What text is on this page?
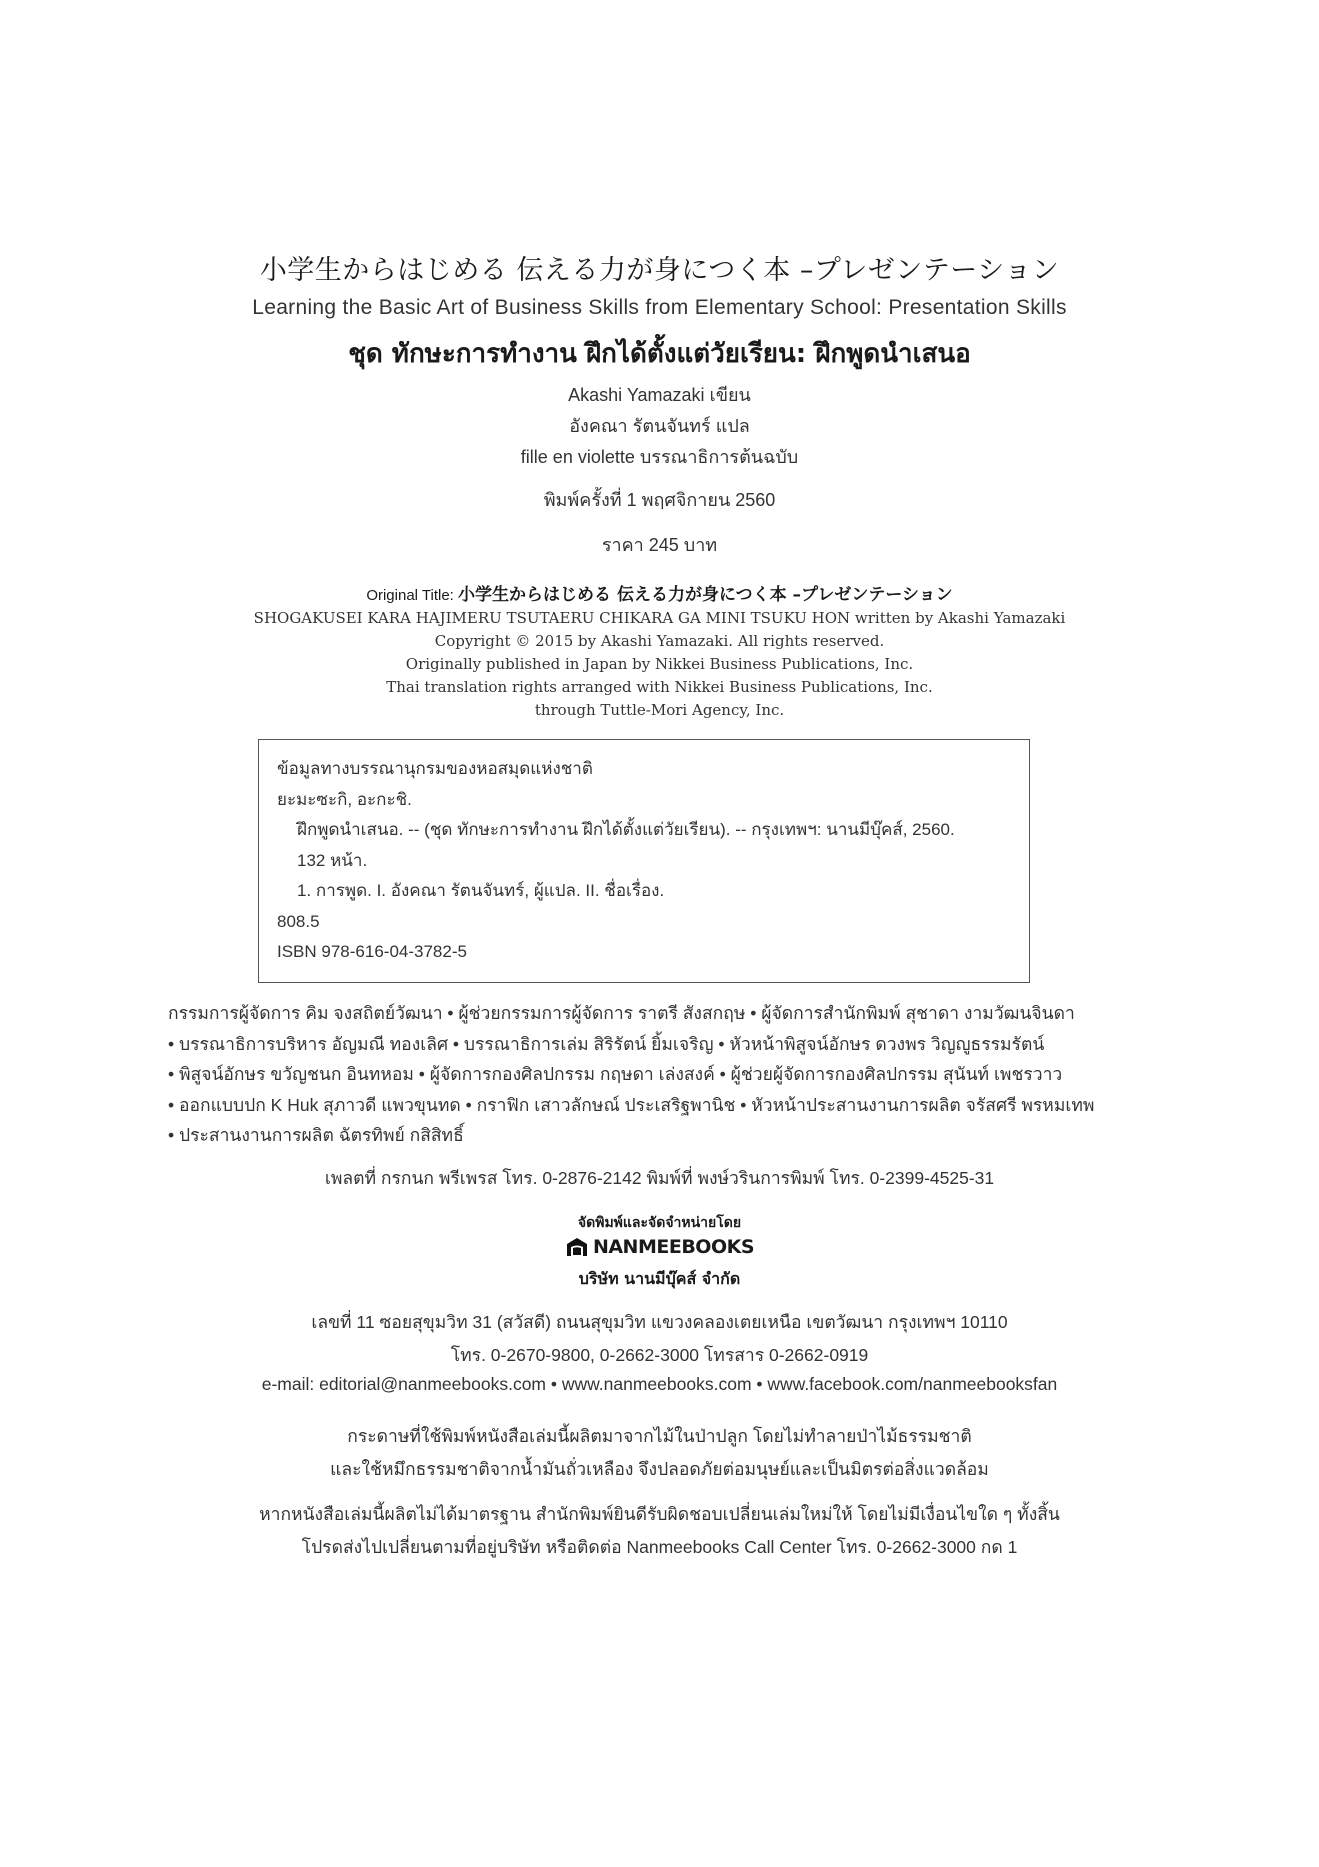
小学生からはじめる 伝える力が身につく本 –プレゼンテーション
Learning the Basic Art of Business Skills from Elementary School: Presentation Skills
ชุด ทักษะการทำงาน ฝึกได้ตั้งแต่วัยเรียน: ฝึกพูดนำเสนอ
Akashi Yamazaki เขียน
อังคณา รัตนจันทร์ แปล
fille en violette บรรณาธิการต้นฉบับ
พิมพ์ครั้งที่ 1 พฤศจิกายน 2560
ราคา 245 บาท
Original Title: 小学生からはじめる 伝える力が身につく本 –プレゼンテーション
SHOGAKUSEI KARA HAJIMERU TSUTAERU CHIKARA GA MINI TSUKU HON written by Akashi Yamazaki
Copyright © 2015 by Akashi Yamazaki. All rights reserved.
Originally published in Japan by Nikkei Business Publications, Inc.
Thai translation rights arranged with Nikkei Business Publications, Inc.
through Tuttle-Mori Agency, Inc.
ข้อมูลทางบรรณานุกรมของหอสมุดแห่งชาติ
ยะมะซะกิ, อะกะชิ.
ฝึกพูดนำเสนอ. -- (ชุด ทักษะการทำงาน ฝึกได้ตั้งแต่วัยเรียน). -- กรุงเทพฯ: นานมีบุ๊คส์, 2560.
132 หน้า.
1. การพูด. I. อังคณา รัตนจันทร์, ผู้แปล. II. ชื่อเรื่อง.
808.5
ISBN 978-616-04-3782-5
กรรมการผู้จัดการ คิม จงสถิตย์วัฒนา • ผู้ช่วยกรรมการผู้จัดการ ราตรี สังสกฤษ • ผู้จัดการสำนักพิมพ์ สุชาดา งามวัฒนจินดา
• บรรณาธิการบริหาร อัญมณี ทองเลิศ • บรรณาธิการเล่ม สิริรัตน์ ยิ้มเจริญ • หัวหน้าพิสูจน์อักษร ดวงพร วิญญูธรรมรัตน์
• พิสูจน์อักษร ขวัญชนก อินทหอม • ผู้จัดการกองศิลปกรรม กฤษดา เล่งสงค์ • ผู้ช่วยผู้จัดการกองศิลปกรรม สุนันท์ เพชรวาว
• ออกแบบปก K Huk สุภาวดี แพวขุนทด • กราฟิก เสาวลักษณ์ ประเสริฐพานิช • หัวหน้าประสานงานการผลิต จรัสศรี พรหมเทพ
• ประสานงานการผลิต ฉัตรทิพย์ กสิสิทธิ์
เพลตที่ กรกนก พรีเพรส โทร. 0-2876-2142 พิมพ์ที่ พงษ์วรินการพิมพ์ โทร. 0-2399-4525-31
จัดพิมพ์และจัดจำหน่ายโดย
NANMEEBOOKS
บริษัท นานมีบุ๊คส์ จำกัด
เลขที่ 11 ซอยสุขุมวิท 31 (สวัสดี) ถนนสุขุมวิท แขวงคลองเตยเหนือ เขตวัฒนา กรุงเทพฯ 10110
โทร. 0-2670-9800, 0-2662-3000 โทรสาร 0-2662-0919
e-mail: editorial@nanmeebooks.com • www.nanmeebooks.com • www.facebook.com/nanmeebooksfan
กระดาษที่ใช้พิมพ์หนังสือเล่มนี้ผลิตมาจากไม้ในป่าปลูก โดยไม่ทำลายป่าไม้ธรรมชาติ
และใช้หมึกธรรมชาติจากน้ำมันถั่วเหลือง จึงปลอดภัยต่อมนุษย์และเป็นมิตรต่อสิ่งแวดล้อม
หากหนังสือเล่มนี้ผลิตไม่ได้มาตรฐาน สำนักพิมพ์ยินดีรับผิดชอบเปลี่ยนเล่มใหม่ให้ โดยไม่มีเงื่อนไขใด ๆ ทั้งสิ้น
โปรดส่งไปเปลี่ยนตามที่อยู่บริษัท หรือติดต่อ Nanmeebooks Call Center โทร. 0-2662-3000 กด 1
